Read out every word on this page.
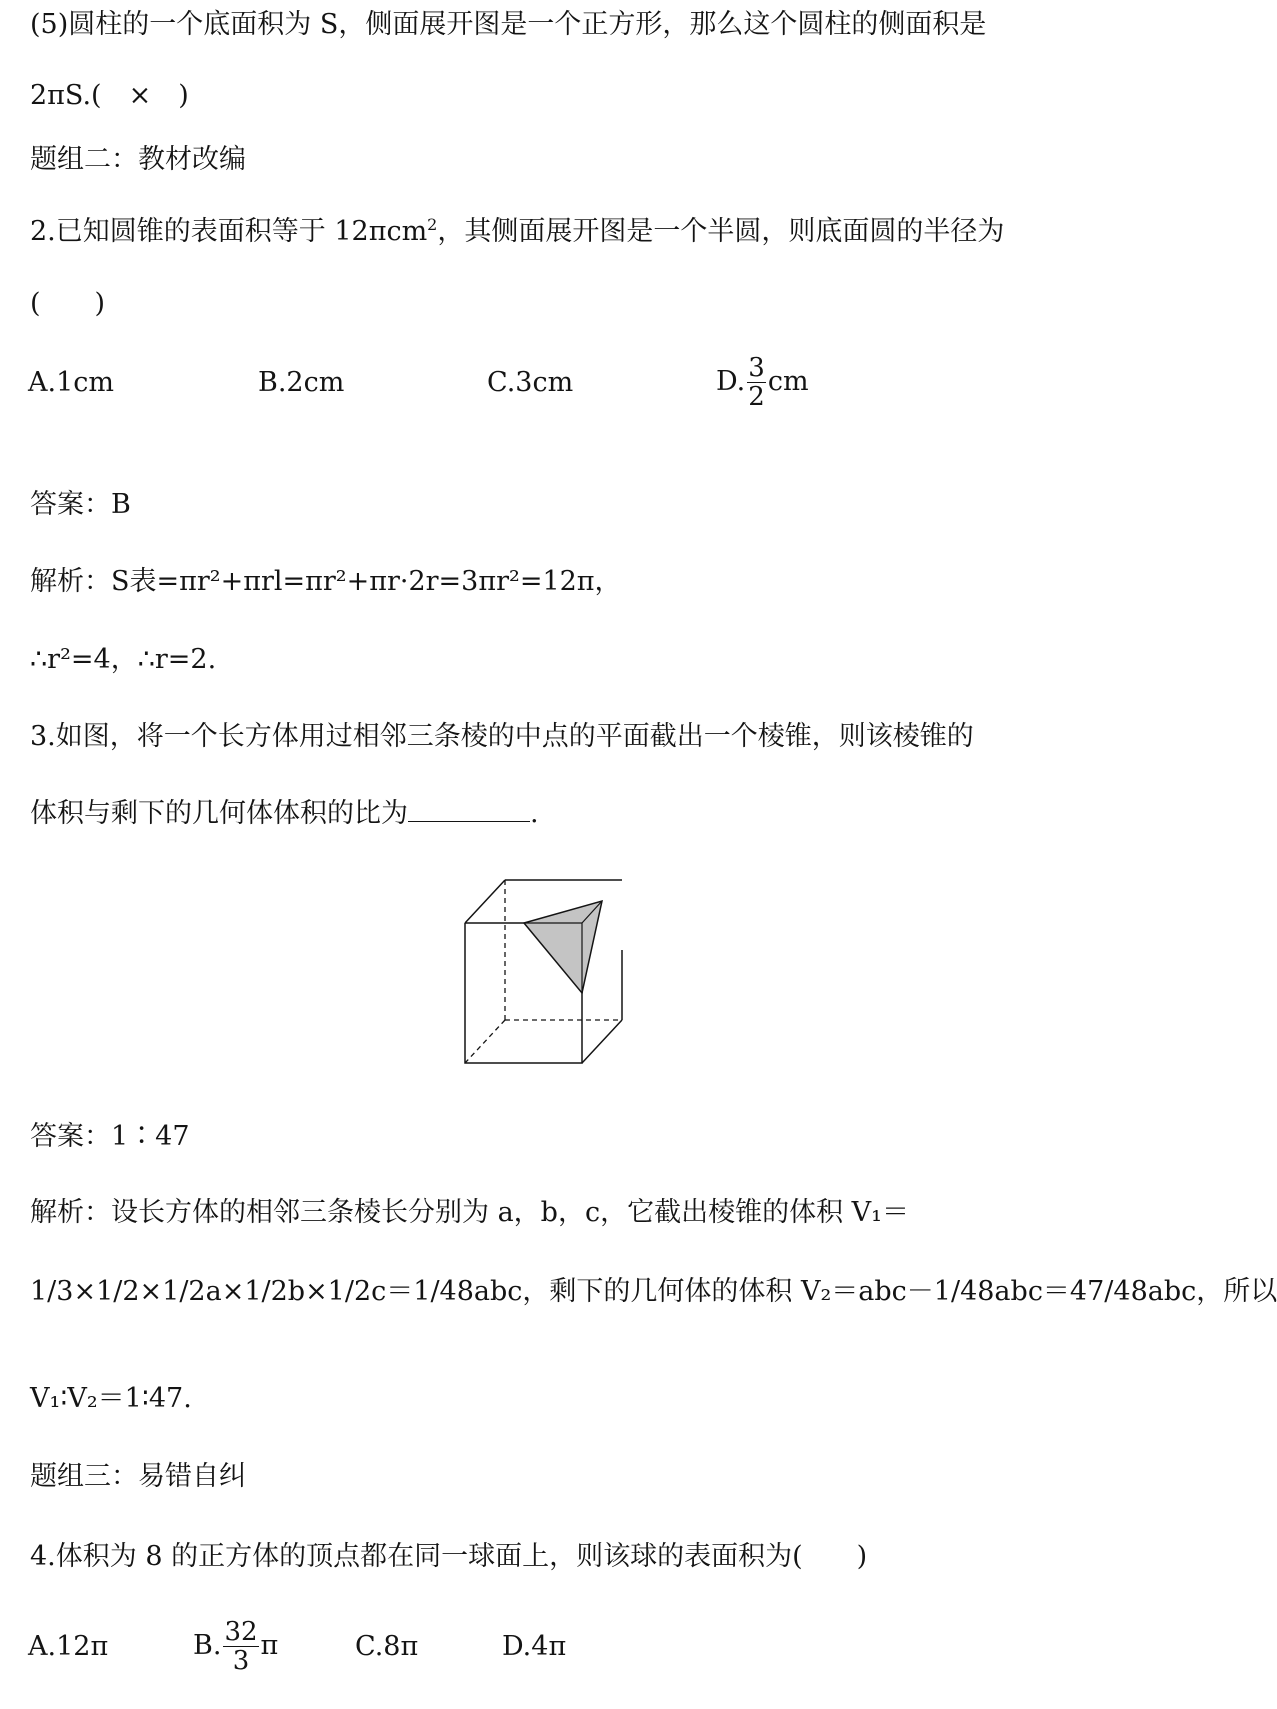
(5)圆柱的一个底面积为 S，侧面展开图是一个正方形，那么这个圆柱的侧面积是
2πS.(　×　)
题组二：教材改编
2.已知圆锥的表面积等于 12πcm$^2$，其侧面展开图是一个半圆，则底面圆的半径为
(　　)
A.1cm	B.2cm	C.3cm	D. $\frac{3}{2}$ cm
答案：B
解析：S表=πr²+πrl=πr²+πr·2r=3πr²=12π，
∴r²=4，∴r=2.
3.如图，将一个长方体用过相邻三条棱的中点的平面截出一个棱锥，则该棱锥的
体积与剩下的几何体体积的比为	.
答案：1∶47
解析：设长方体的相邻三条棱长分别为 a，b，c，它截出棱锥的体积 V₁＝
1/3×1/2×1/2a×1/2b×1/2c＝1/48abc，剩下的几何体的体积 V₂＝abc－1/48abc＝47/48abc，所以
V₁∶V₂＝1∶47.
题组三：易错自纠
4.体积为 8 的正方体的顶点都在同一球面上，则该球的表面积为(　　)
A.12π	B. $\frac{32}{3}$ π	C.8π	D.4π
